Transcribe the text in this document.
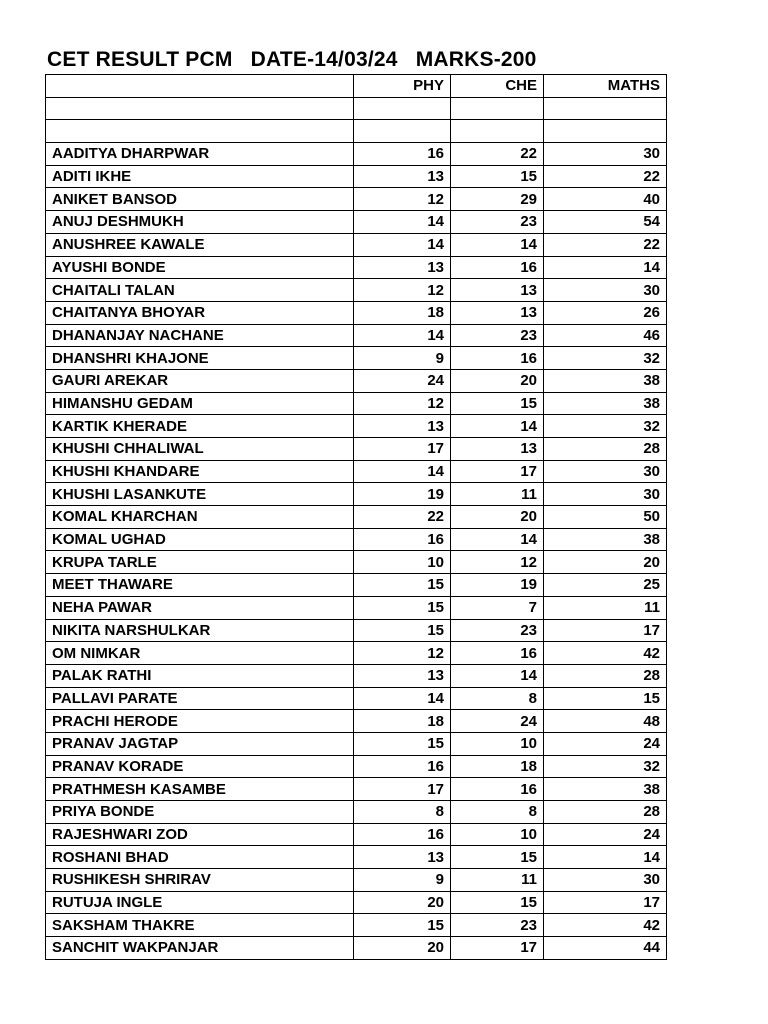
CET RESULT PCM   DATE-14/03/24   MARKS-200
	PHY	CHE	MATHS

AADITYA DHARPWAR	16	22	30
ADITI IKHE	13	15	22
ANIKET BANSOD	12	29	40
ANUJ DESHMUKH	14	23	54
ANUSHREE KAWALE	14	14	22
AYUSHI BONDE	13	16	14
CHAITALI TALAN	12	13	30
CHAITANYA BHOYAR	18	13	26
DHANANJAY NACHANE	14	23	46
DHANSHRI KHAJONE	9	16	32
GAURI AREKAR	24	20	38
HIMANSHU GEDAM	12	15	38
KARTIK KHERADE	13	14	32
KHUSHI CHHALIWAL	17	13	28
KHUSHI KHANDARE	14	17	30
KHUSHI LASANKUTE	19	11	30
KOMAL KHARCHAN	22	20	50
KOMAL UGHAD	16	14	38
KRUPA TARLE	10	12	20
MEET THAWARE	15	19	25
NEHA PAWAR	15	7	11
NIKITA NARSHULKAR	15	23	17
OM NIMKAR	12	16	42
PALAK RATHI	13	14	28
PALLAVI PARATE	14	8	15
PRACHI HERODE	18	24	48
PRANAV JAGTAP	15	10	24
PRANAV KORADE	16	18	32
PRATHMESH KASAMBE	17	16	38
PRIYA BONDE	8	8	28
RAJESHWARI ZOD	16	10	24
ROSHANI BHAD	13	15	14
RUSHIKESH SHRIRAV	9	11	30
RUTUJA INGLE	20	15	17
SAKSHAM THAKRE	15	23	42
SANCHIT WAKPANJAR	20	17	44
